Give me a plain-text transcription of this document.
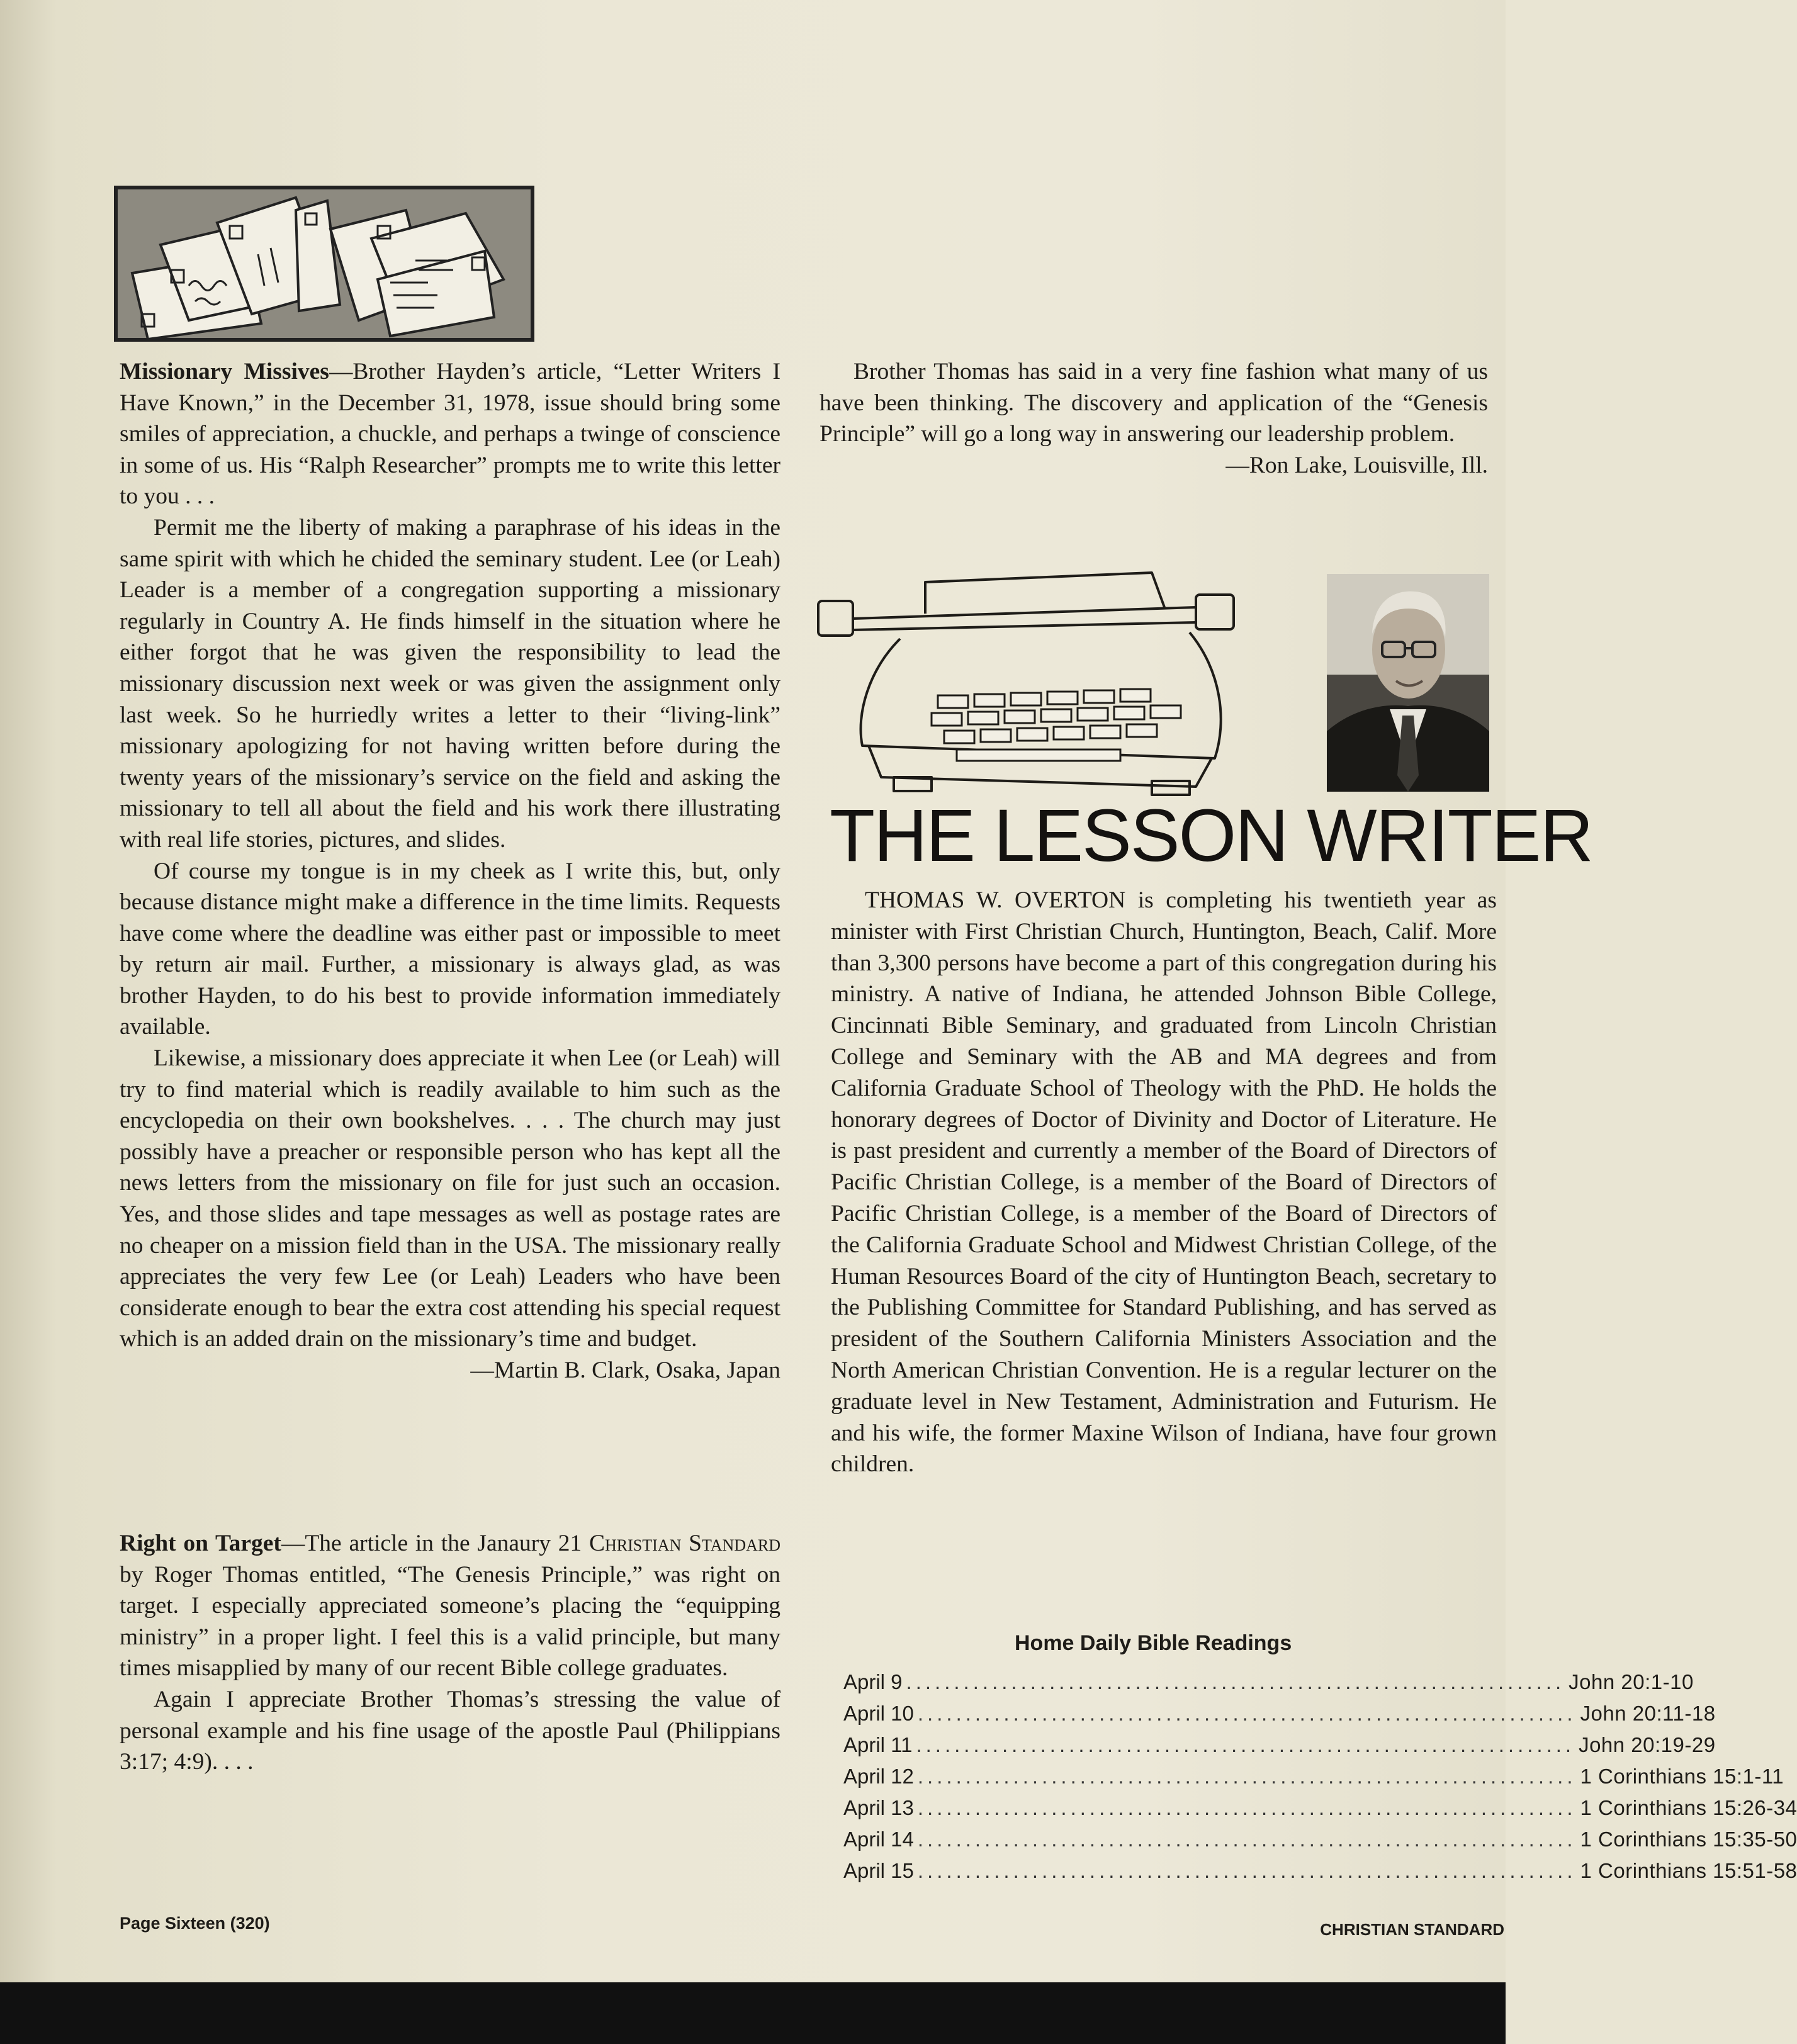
Missionary Missives—Brother Hayden’s article, “Letter Writers I Have Known,” in the December 31, 1978, issue should bring some smiles of appreciation, a chuckle, and perhaps a twinge of conscience in some of us. His “Ralph Researcher” prompts me to write this letter to you . . .

Permit me the liberty of making a paraphrase of his ideas in the same spirit with which he chided the seminary student. Lee (or Leah) Leader is a member of a congregation supporting a missionary regularly in Country A. He finds himself in the situation where he either forgot that he was given the responsibility to lead the missionary discussion next week or was given the assignment only last week. So he hurriedly writes a letter to their “living-link” missionary apologizing for not having written before during the twenty years of the missionary’s service on the field and asking the missionary to tell all about the field and his work there illustrating with real life stories, pictures, and slides.

Of course my tongue is in my cheek as I write this, but, only because distance might make a difference in the time limits. Requests have come where the deadline was either past or impossible to meet by return air mail. Further, a missionary is always glad, as was brother Hayden, to do his best to provide information immediately available.

Likewise, a missionary does appreciate it when Lee (or Leah) will try to find material which is readily available to him such as the encyclopedia on their own bookshelves. . . . The church may just possibly have a preacher or responsible person who has kept all the news letters from the missionary on file for just such an occasion. Yes, and those slides and tape messages as well as postage rates are no cheaper on a mission field than in the USA. The missionary really appreciates the very few Lee (or Leah) Leaders who have been considerate enough to bear the extra cost attending his special request which is an added drain on the missionary’s time and budget.

—Martin B. Clark, Osaka, Japan

Right on Target—The article in the Janaury 21 Christian Standard by Roger Thomas entitled, “The Genesis Principle,” was right on target. I especially appreciated someone’s placing the “equipping ministry” in a proper light. I feel this is a valid principle, but many times misapplied by many of our recent Bible college graduates.

Again I appreciate Brother Thomas’s stressing the value of personal example and his fine usage of the apostle Paul (Philippians 3:17; 4:9). . . .

Brother Thomas has said in a very fine fashion what many of us have been thinking. The discovery and application of the “Genesis Principle” will go a long way in answering our leadership problem.

—Ron Lake, Louisville, Ill.
THE LESSON WRITER

THOMAS W. OVERTON is completing his twentieth year as minister with First Christian Church, Huntington, Beach, Calif. More than 3,300 persons have become a part of this congregation during his ministry. A native of Indiana, he attended Johnson Bible College, Cincinnati Bible Seminary, and graduated from Lincoln Christian College and Seminary with the AB and MA degrees and from California Graduate School of Theology with the PhD. He holds the honorary degrees of Doctor of Divinity and Doctor of Literature. He is past president and currently a member of the Board of Directors of Pacific Christian College, is a member of the Board of Directors of Pacific Christian College, is a member of the Board of Directors of the California Graduate School and Midwest Christian College, of the Human Resources Board of the city of Huntington Beach, secretary to the Publishing Committee for Standard Publishing, and has served as president of the Southern California Ministers Association and the North American Christian Convention. He is a regular lecturer on the graduate level in New Testament, Administration and Futurism. He and his wife, the former Maxine Wilson of Indiana, have four grown children.

Home Daily Bible Readings
April 9 ..................................................................... John 20:1-10
April 10 ..................................................................... John 20:11-18
April 11 ..................................................................... John 20:19-29
April 12 ..................................................................... 1 Corinthians 15:1-11
April 13 ..................................................................... 1 Corinthians 15:26-34
April 14 ..................................................................... 1 Corinthians 15:35-50
April 15 ..................................................................... 1 Corinthians 15:51-58
Page Sixteen (320)	CHRISTIAN STANDARD
